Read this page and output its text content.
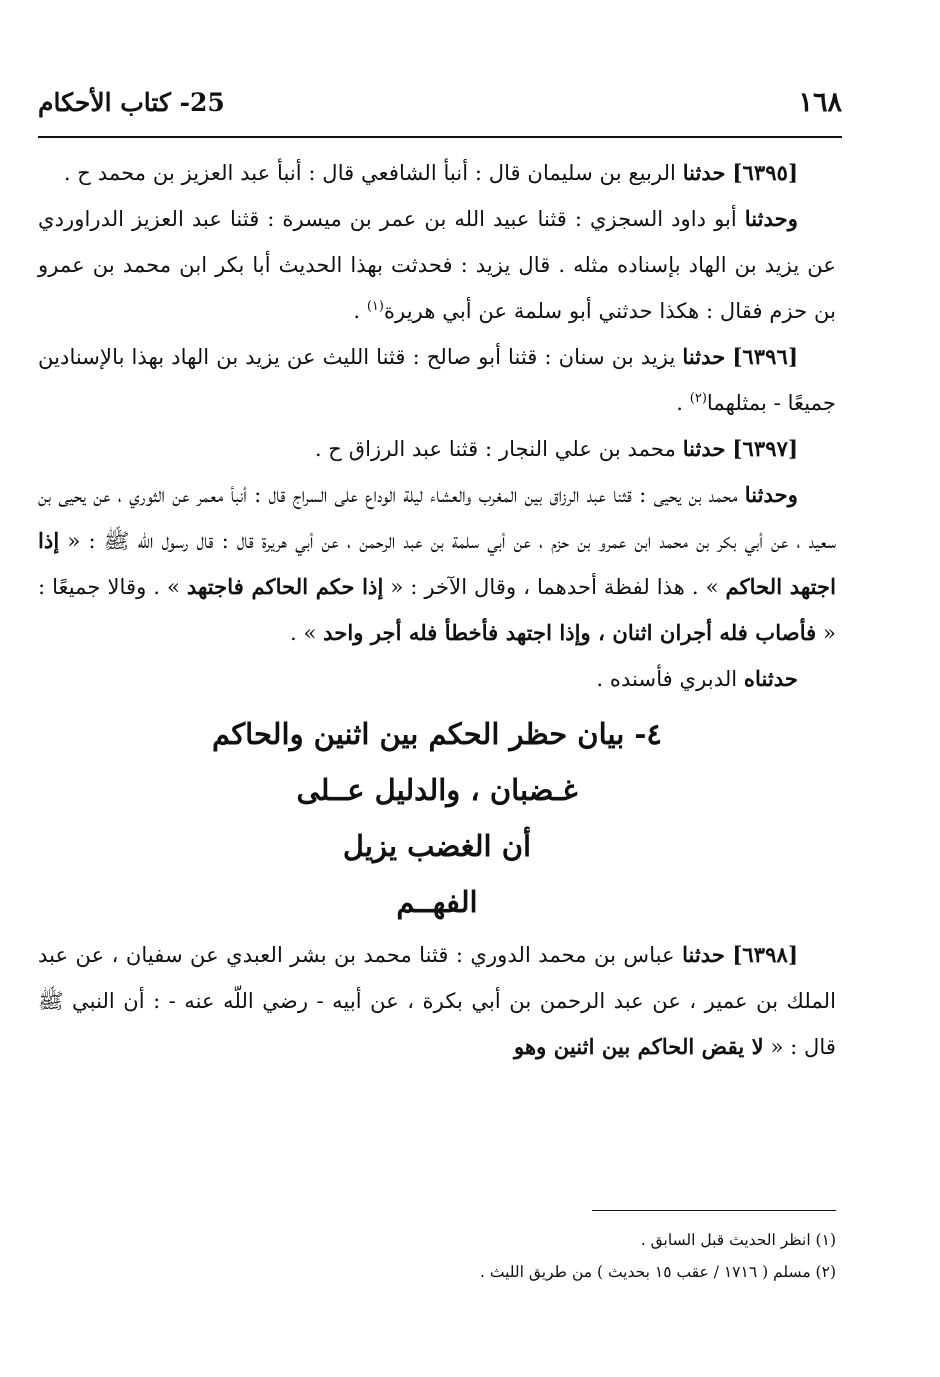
١٦٨
25- كتاب الأحكام

[٦٣٩٥] حدثنا الربيع بن سليمان قال : أنبأ الشافعي قال : أنبأ عبد العزيز بن محمد ح .

وحدثنا أبو داود السجزي : قثنا عبيد الله بن عمر بن ميسرة : قثنا عبد العزيز الدراوردي عن يزيد بن الهاد بإسناده مثله . قال يزيد : فحدثت بهذا الحديث أبا بكر ابن محمد بن عمرو بن حزم فقال : هكذا حدثني أبو سلمة عن أبي هريرة$^{(١)}$ .

[٦٣٩٦] حدثنا يزيد بن سنان : قثنا أبو صالح : قثنا الليث عن يزيد بن الهاد بهذا بالإسنادين جميعًا - بمثلهما$^{(٢)}$ .

[٦٣٩٧] حدثنا محمد بن علي النجار : قثنا عبد الرزاق ح .

وحدثنا محمد بن يحيى : قثنا عبد الرزاق بين المغرب والعشاء ليلة الوداع على السراج قال : أنبأ معمر عن الثوري ، عن يحيى بن سعيد ، عن أبي بكر بن محمد ابن عمرو بن حزم ، عن أبي سلمة بن عبد الرحمن ، عن أبي هريرة قال : قال رسول الله ﷺ : « إذا اجتهد الحاكم » . هذا لفظة أحدهما ، وقال الآخر : « إذا حكم الحاكم فاجتهد » . وقالا جميعًا : « فأصاب فله أجران اثنان ، وإذا اجتهد فأخطأ فله أجر واحد » .

حدثناه الدبري فأسنده .

٤- بيان حظر الحكم بين اثنين والحاكم

غـضبان ، والدليل عــلى

أن الغضب يزيل

الفهــم

[٦٣٩٨] حدثنا عباس بن محمد الدوري : قثنا محمد بن بشر العبدي عن سفيان ، عن عبد الملك بن عمير ، عن عبد الرحمن بن أبي بكرة ، عن أبيه - رضي اللّه عنه - : أن النبي ﷺ قال : « لا يقض الحاكم بين اثنين وهو

(١) انظر الحديث قبل السابق .

(٢) مسلم ( ١٧١٦ / عقب ١٥ بحديث ) من طريق الليث .
